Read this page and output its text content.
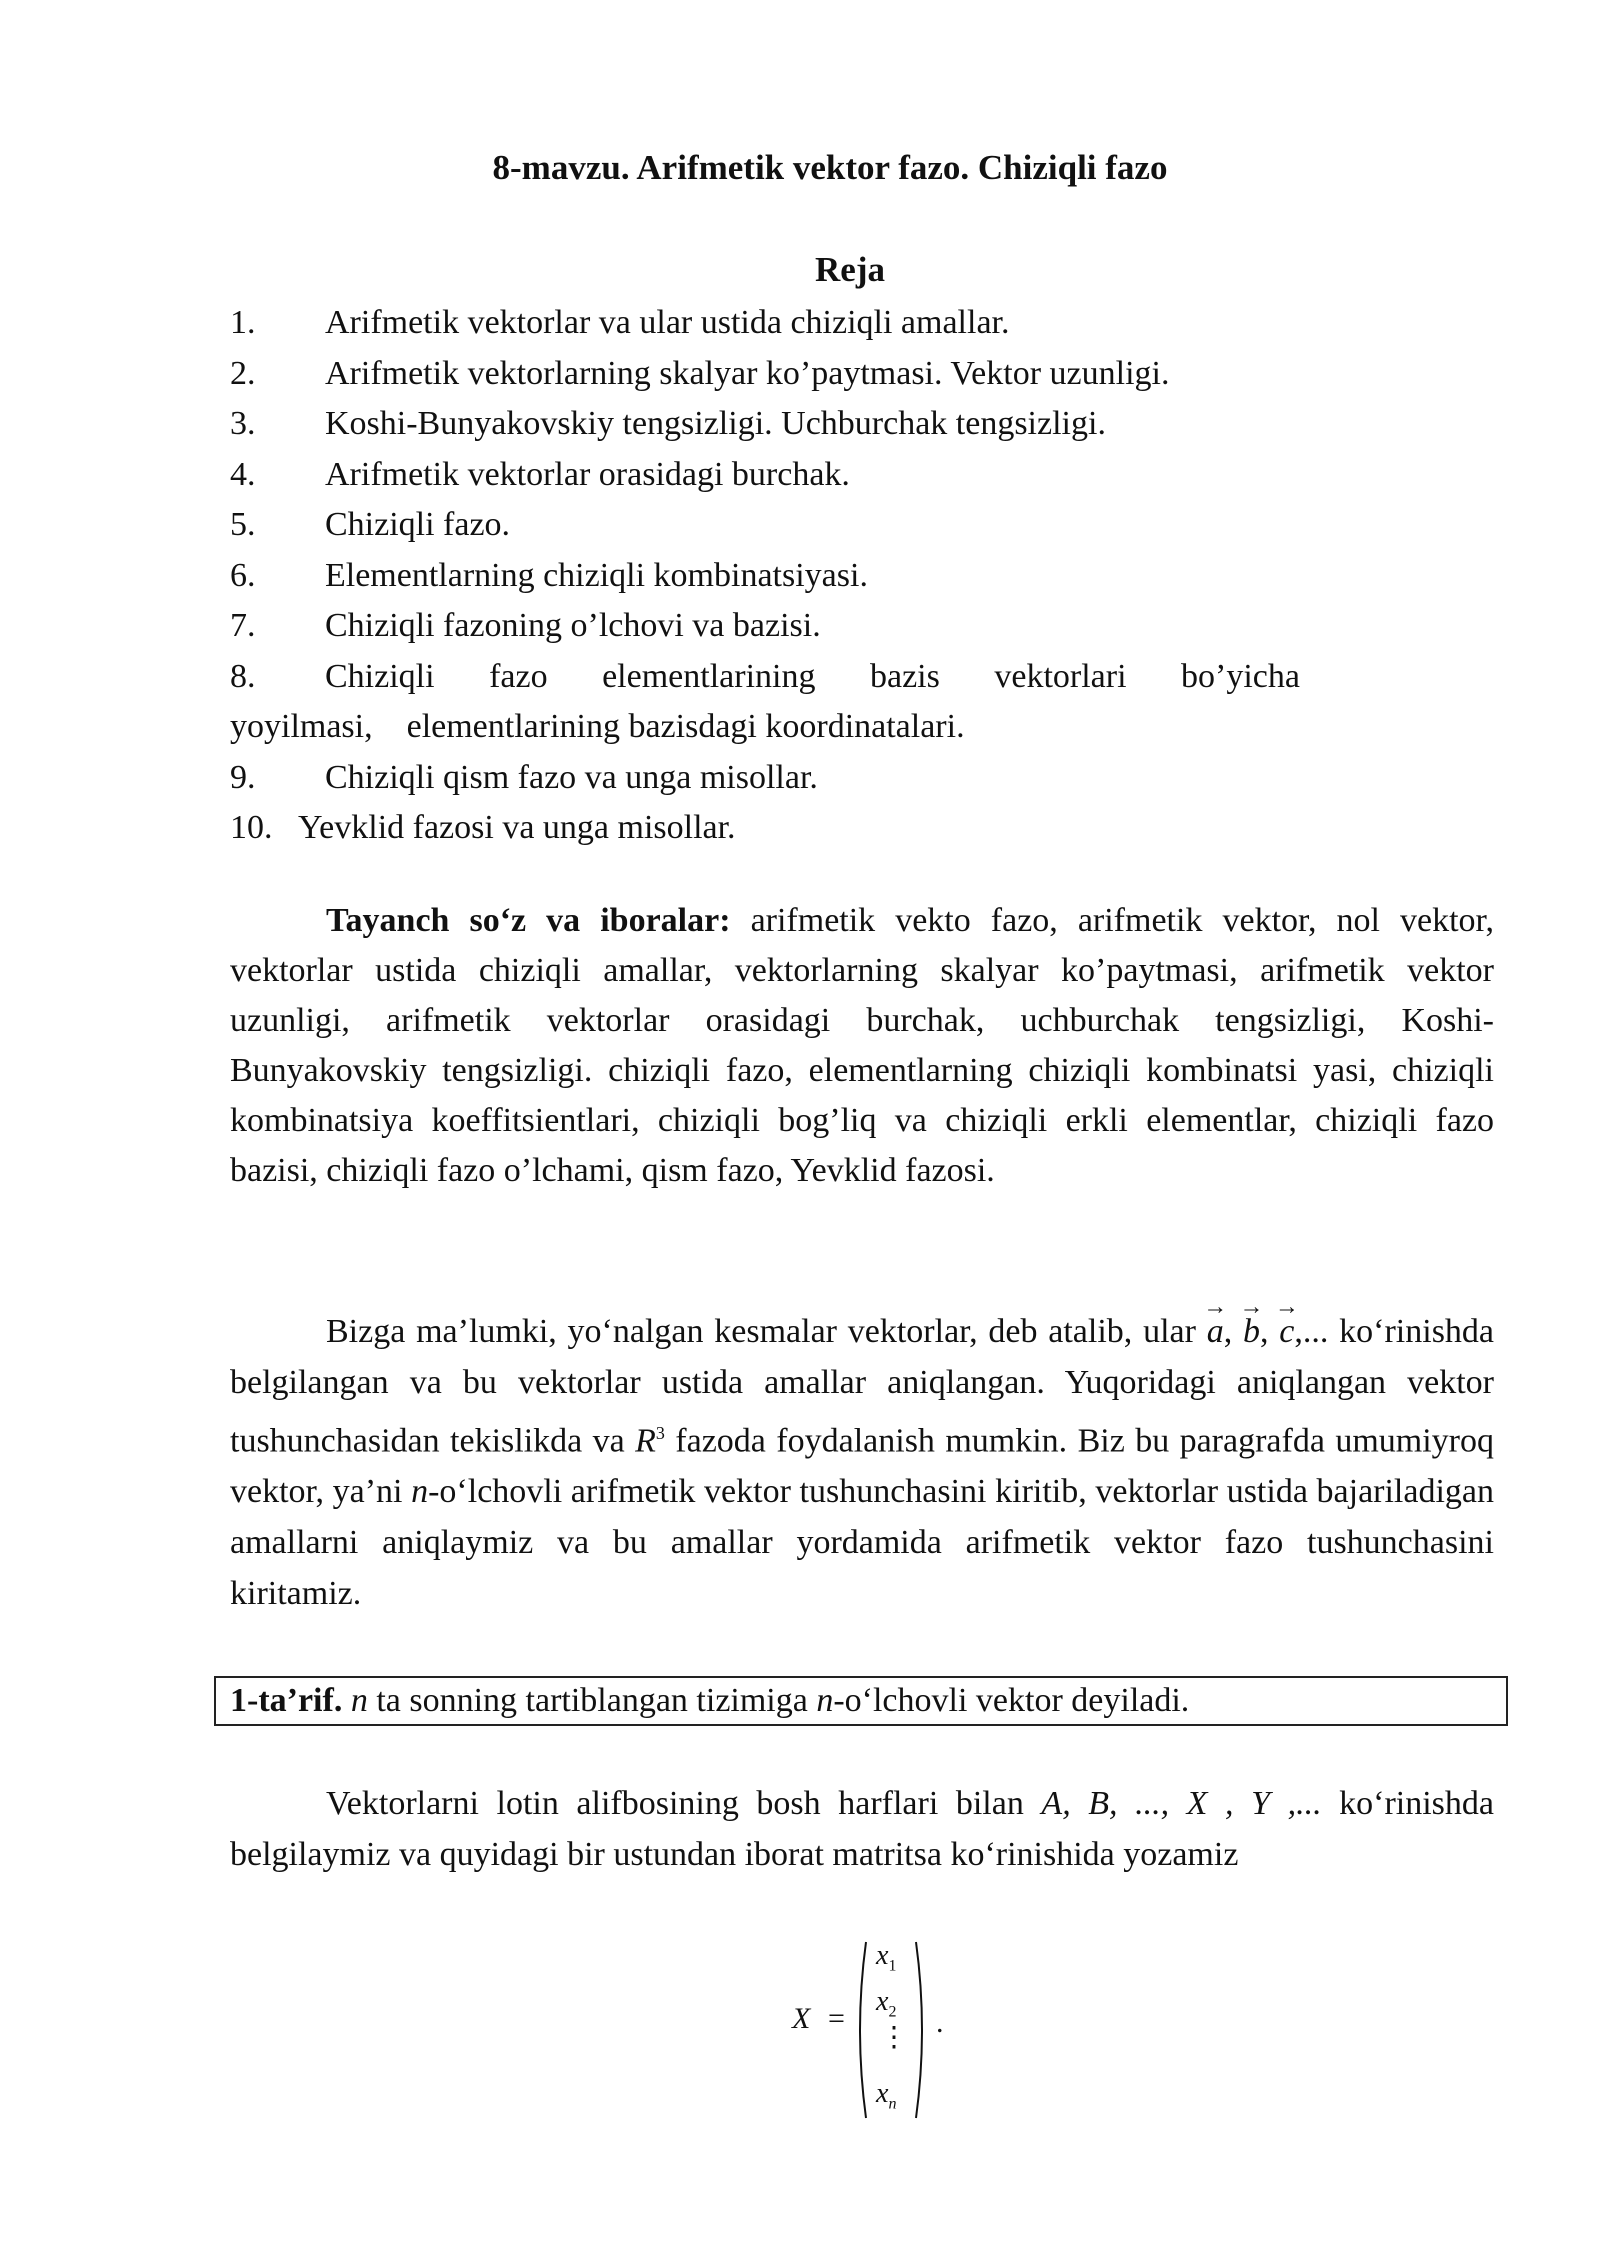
8-mavzu. Arifmetik vektor fazo. Chiziqli fazo
Reja
1. Arifmetik vektorlar va ular ustida chiziqli amallar.
2. Arifmetik vektorlarning skalyar ko’paytmasi. Vektor uzunligi.
3. Koshi-Bunyakovskiy tengsizligi. Uchburchak tengsizligi.
4. Arifmetik vektorlar orasidagi burchak.
5. Chiziqli fazo.
6. Elementlarning chiziqli kombinatsiyasi.
7. Chiziqli fazoning o’lchovi va bazisi.
8. Chiziqli fazo elementlarining bazis vektorlari bo’yicha
yoyilmasi,    elementlarining bazisdagi koordinatalari.
9. Chiziqli qism fazo va unga misollar.
10. Yevklid fazosi va unga misollar.
Tayanch so‘z va iboralar: arifmetik vekto fazo, arifmetik vektor, nol vektor, vektorlar ustida chiziqli amallar, vektorlarning skalyar ko’paytmasi, arifmetik vektor uzunligi, arifmetik vektorlar orasidagi burchak, uchburchak tengsizligi, Koshi-Bunyakovskiy tengsizligi. chiziqli fazo, elementlarning chiziqli kombinatsi yasi, chiziqli kombinatsiya koeffitsientlari, chiziqli bog’liq va chiziqli erkli elementlar, chiziqli fazo bazisi, chiziqli fazo o’lchami, qism fazo, Yevklid fazosi.
Bizga ma’lumki, yo‘nalgan kesmalar vektorlar, deb atalib, ular → a, → b, → c,... ko‘rinishda belgilangan va bu vektorlar ustida amallar aniqlangan. Yuqoridagi aniqlangan vektor tushunchasidan tekislikda va $R^3$ fazoda foydalanish mumkin. Biz bu paragrafda umumiyroq vektor, ya’ni n-o‘lchovli arifmetik vektor tushunchasini kiritib, vektorlar ustida bajariladigan amallarni aniqlaymiz va bu amallar yordamida arifmetik vektor fazo tushunchasini kiritamiz.
1-ta’rif. n ta sonning tartiblangan tizimiga n-o‘lchovli vektor deyiladi.
Vektorlarni lotin alifbosining bosh harflari bilan A, B, ..., X , Y ,... ko‘rinishda belgilaymiz va quyidagi bir ustundan iborat matritsa ko‘rinishida yozamiz
X =
$x_1$
$x_2$
⋮
$x_n$
.
